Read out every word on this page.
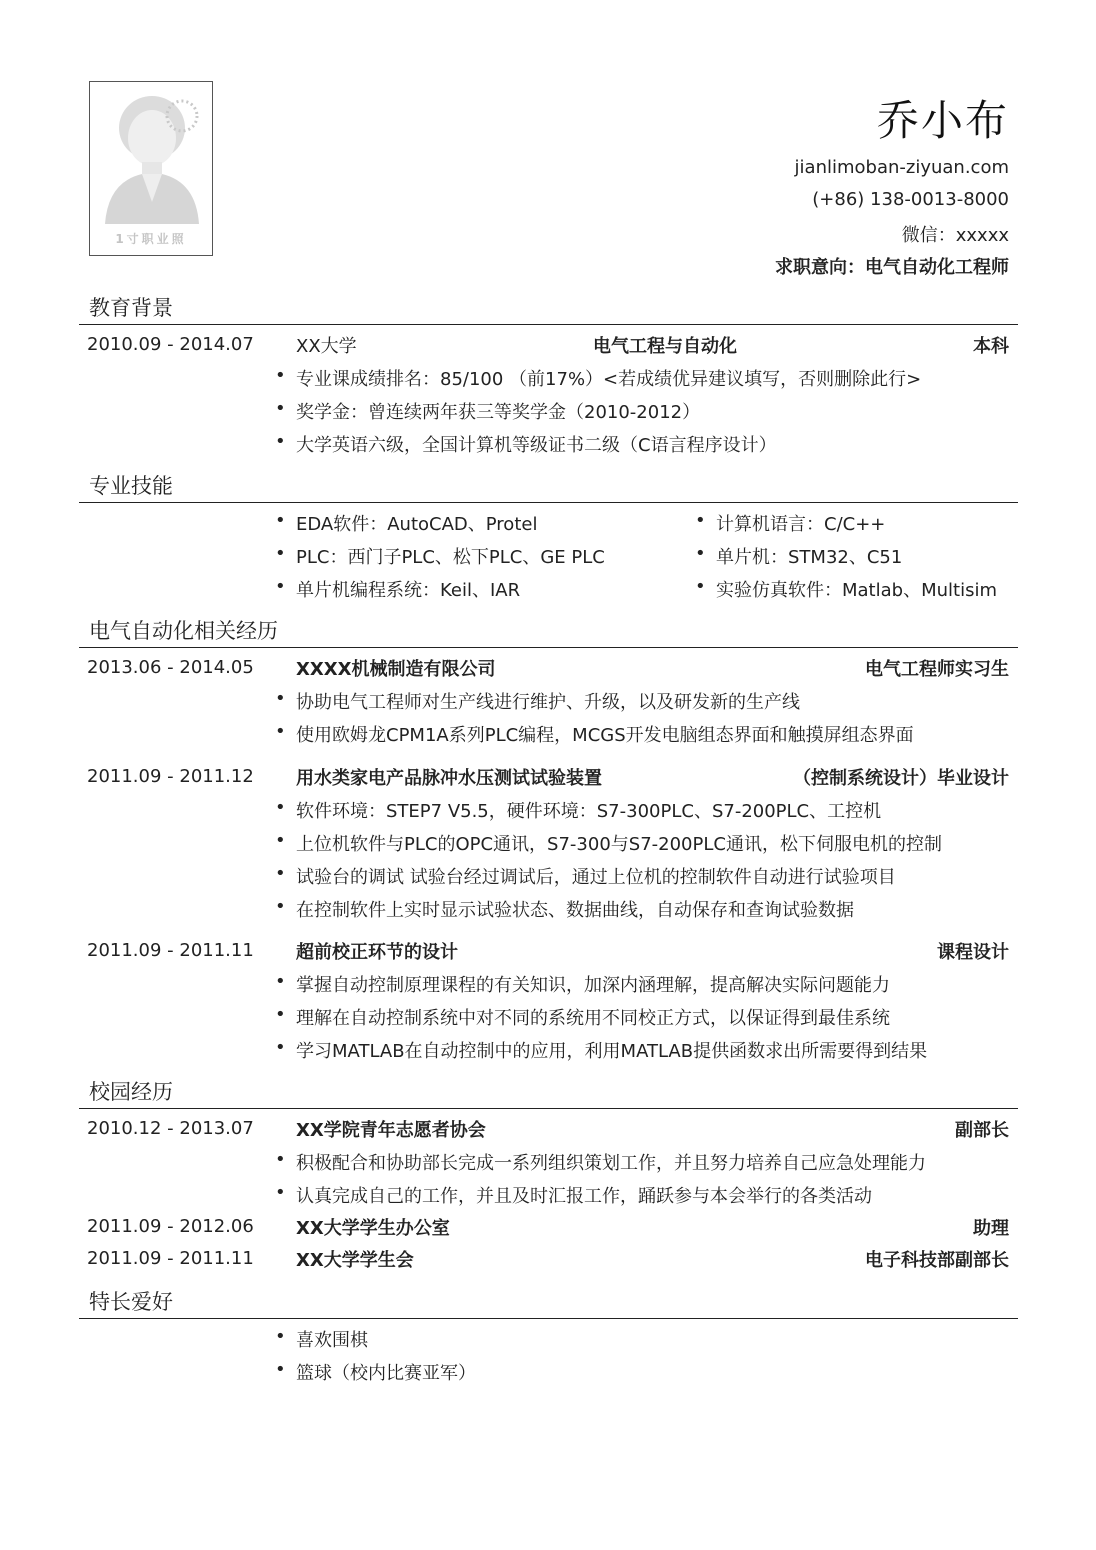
1寸职业照
乔小布
jianlimoban-ziyuan.com
(+86) 138-0013-8000
微信：xxxxx
求职意向：电气自动化工程师
教育背景
2010.09 - 2014.07 XX大学	电气工程与自动化	本科
• 专业课成绩排名：85/100 （前17%）<若成绩优异建议填写，否则删除此行>
• 奖学金：曾连续两年获三等奖学金（2010-2012）
• 大学英语六级，全国计算机等级证书二级（C语言程序设计）
专业技能
• EDA软件：AutoCAD、Protel
• PLC：西门子PLC、松下PLC、GE PLC
• 单片机编程系统：Keil、IAR
• 计算机语言：C/C++
• 单片机：STM32、C51
• 实验仿真软件：Matlab、Multisim
电气自动化相关经历
2013.06 - 2014.05 XXXX机械制造有限公司	电气工程师实习生
• 协助电气工程师对生产线进行维护、升级，以及研发新的生产线
• 使用欧姆龙CPM1A系列PLC编程，MCGS开发电脑组态界面和触摸屏组态界面
2011.09 - 2011.12 用水类家电产品脉冲水压测试试验装置	（控制系统设计）毕业设计
• 软件环境：STEP7 V5.5，硬件环境：S7-300PLC、S7-200PLC、工控机
• 上位机软件与PLC的OPC通讯，S7-300与S7-200PLC通讯，松下伺服电机的控制
• 试验台的调试 试验台经过调试后，通过上位机的控制软件自动进行试验项目
• 在控制软件上实时显示试验状态、数据曲线，自动保存和查询试验数据
2011.09 - 2011.11 超前校正环节的设计	课程设计
• 掌握自动控制原理课程的有关知识，加深内涵理解，提高解决实际问题能力
• 理解在自动控制系统中对不同的系统用不同校正方式，以保证得到最佳系统
• 学习MATLAB在自动控制中的应用，利用MATLAB提供函数求出所需要得到结果
校园经历
2010.12 - 2013.07 XX学院青年志愿者协会	副部长
• 积极配合和协助部长完成一系列组织策划工作，并且努力培养自己应急处理能力
• 认真完成自己的工作，并且及时汇报工作，踊跃参与本会举行的各类活动
2011.09 - 2012.06 XX大学学生办公室	助理
2011.09 - 2011.11 XX大学学生会	电子科技部副部长
特长爱好
• 喜欢围棋
• 篮球（校内比赛亚军）
